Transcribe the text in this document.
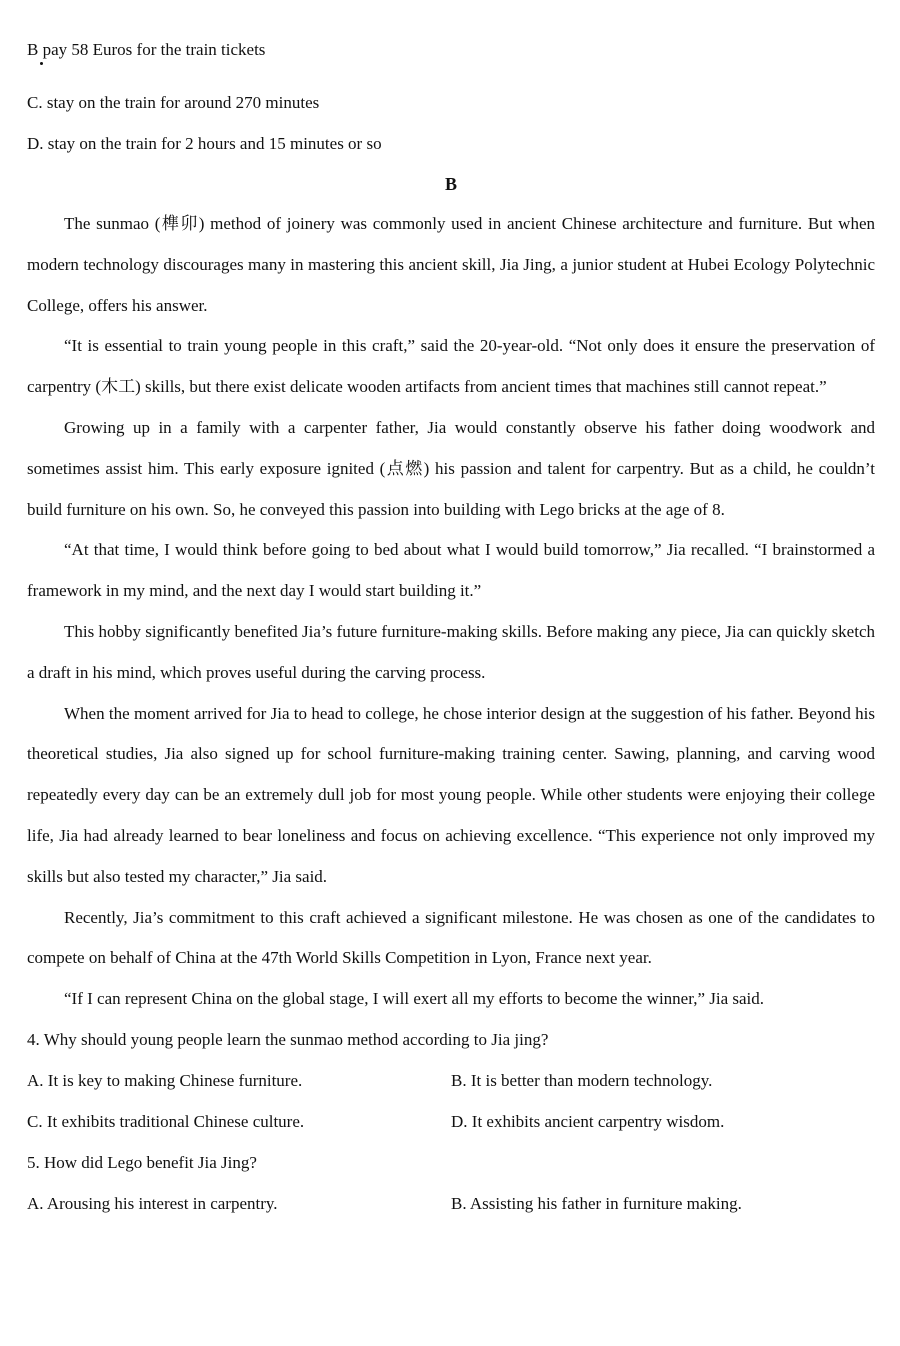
B pay 58 Euros for the train tickets

C. stay on the train for around 270 minutes

D. stay on the train for 2 hours and 15 minutes or so

B

The sunmao (榫卯) method of joinery was commonly used in ancient Chinese architecture and furniture. But when modern technology discourages many in mastering this ancient skill, Jia Jing, a junior student at Hubei Ecology Polytechnic College, offers his answer.

“It is essential to train young people in this craft,” said the 20-year-old. “Not only does it ensure the preservation of carpentry (木工) skills, but there exist delicate wooden artifacts from ancient times that machines still cannot repeat.”

Growing up in a family with a carpenter father, Jia would constantly observe his father doing woodwork and sometimes assist him. This early exposure ignited (点燃) his passion and talent for carpentry. But as a child, he couldn’t build furniture on his own. So, he conveyed this passion into building with Lego bricks at the age of 8.

“At that time, I would think before going to bed about what I would build tomorrow,” Jia recalled. “I brainstormed a framework in my mind, and the next day I would start building it.”

This hobby significantly benefited Jia’s future furniture-making skills. Before making any piece, Jia can quickly sketch a draft in his mind, which proves useful during the carving process.

When the moment arrived for Jia to head to college, he chose interior design at the suggestion of his father. Beyond his theoretical studies, Jia also signed up for school furniture-making training center. Sawing, planning, and carving wood repeatedly every day can be an extremely dull job for most young people. While other students were enjoying their college life, Jia had already learned to bear loneliness and focus on achieving excellence. “This experience not only improved my skills but also tested my character,” Jia said.

Recently, Jia’s commitment to this craft achieved a significant milestone. He was chosen as one of the candidates to compete on behalf of China at the 47th World Skills Competition in Lyon, France next year.

“If I can represent China on the global stage, I will exert all my efforts to become the winner,” Jia said.

4. Why should young people learn the sunmao method according to Jia jing?

A. It is key to making Chinese furniture.	B. It is better than modern technology.
C. It exhibits traditional Chinese culture.	D. It exhibits ancient carpentry wisdom.

5. How did Lego benefit Jia Jing?

A. Arousing his interest in carpentry.	B. Assisting his father in furniture making.
